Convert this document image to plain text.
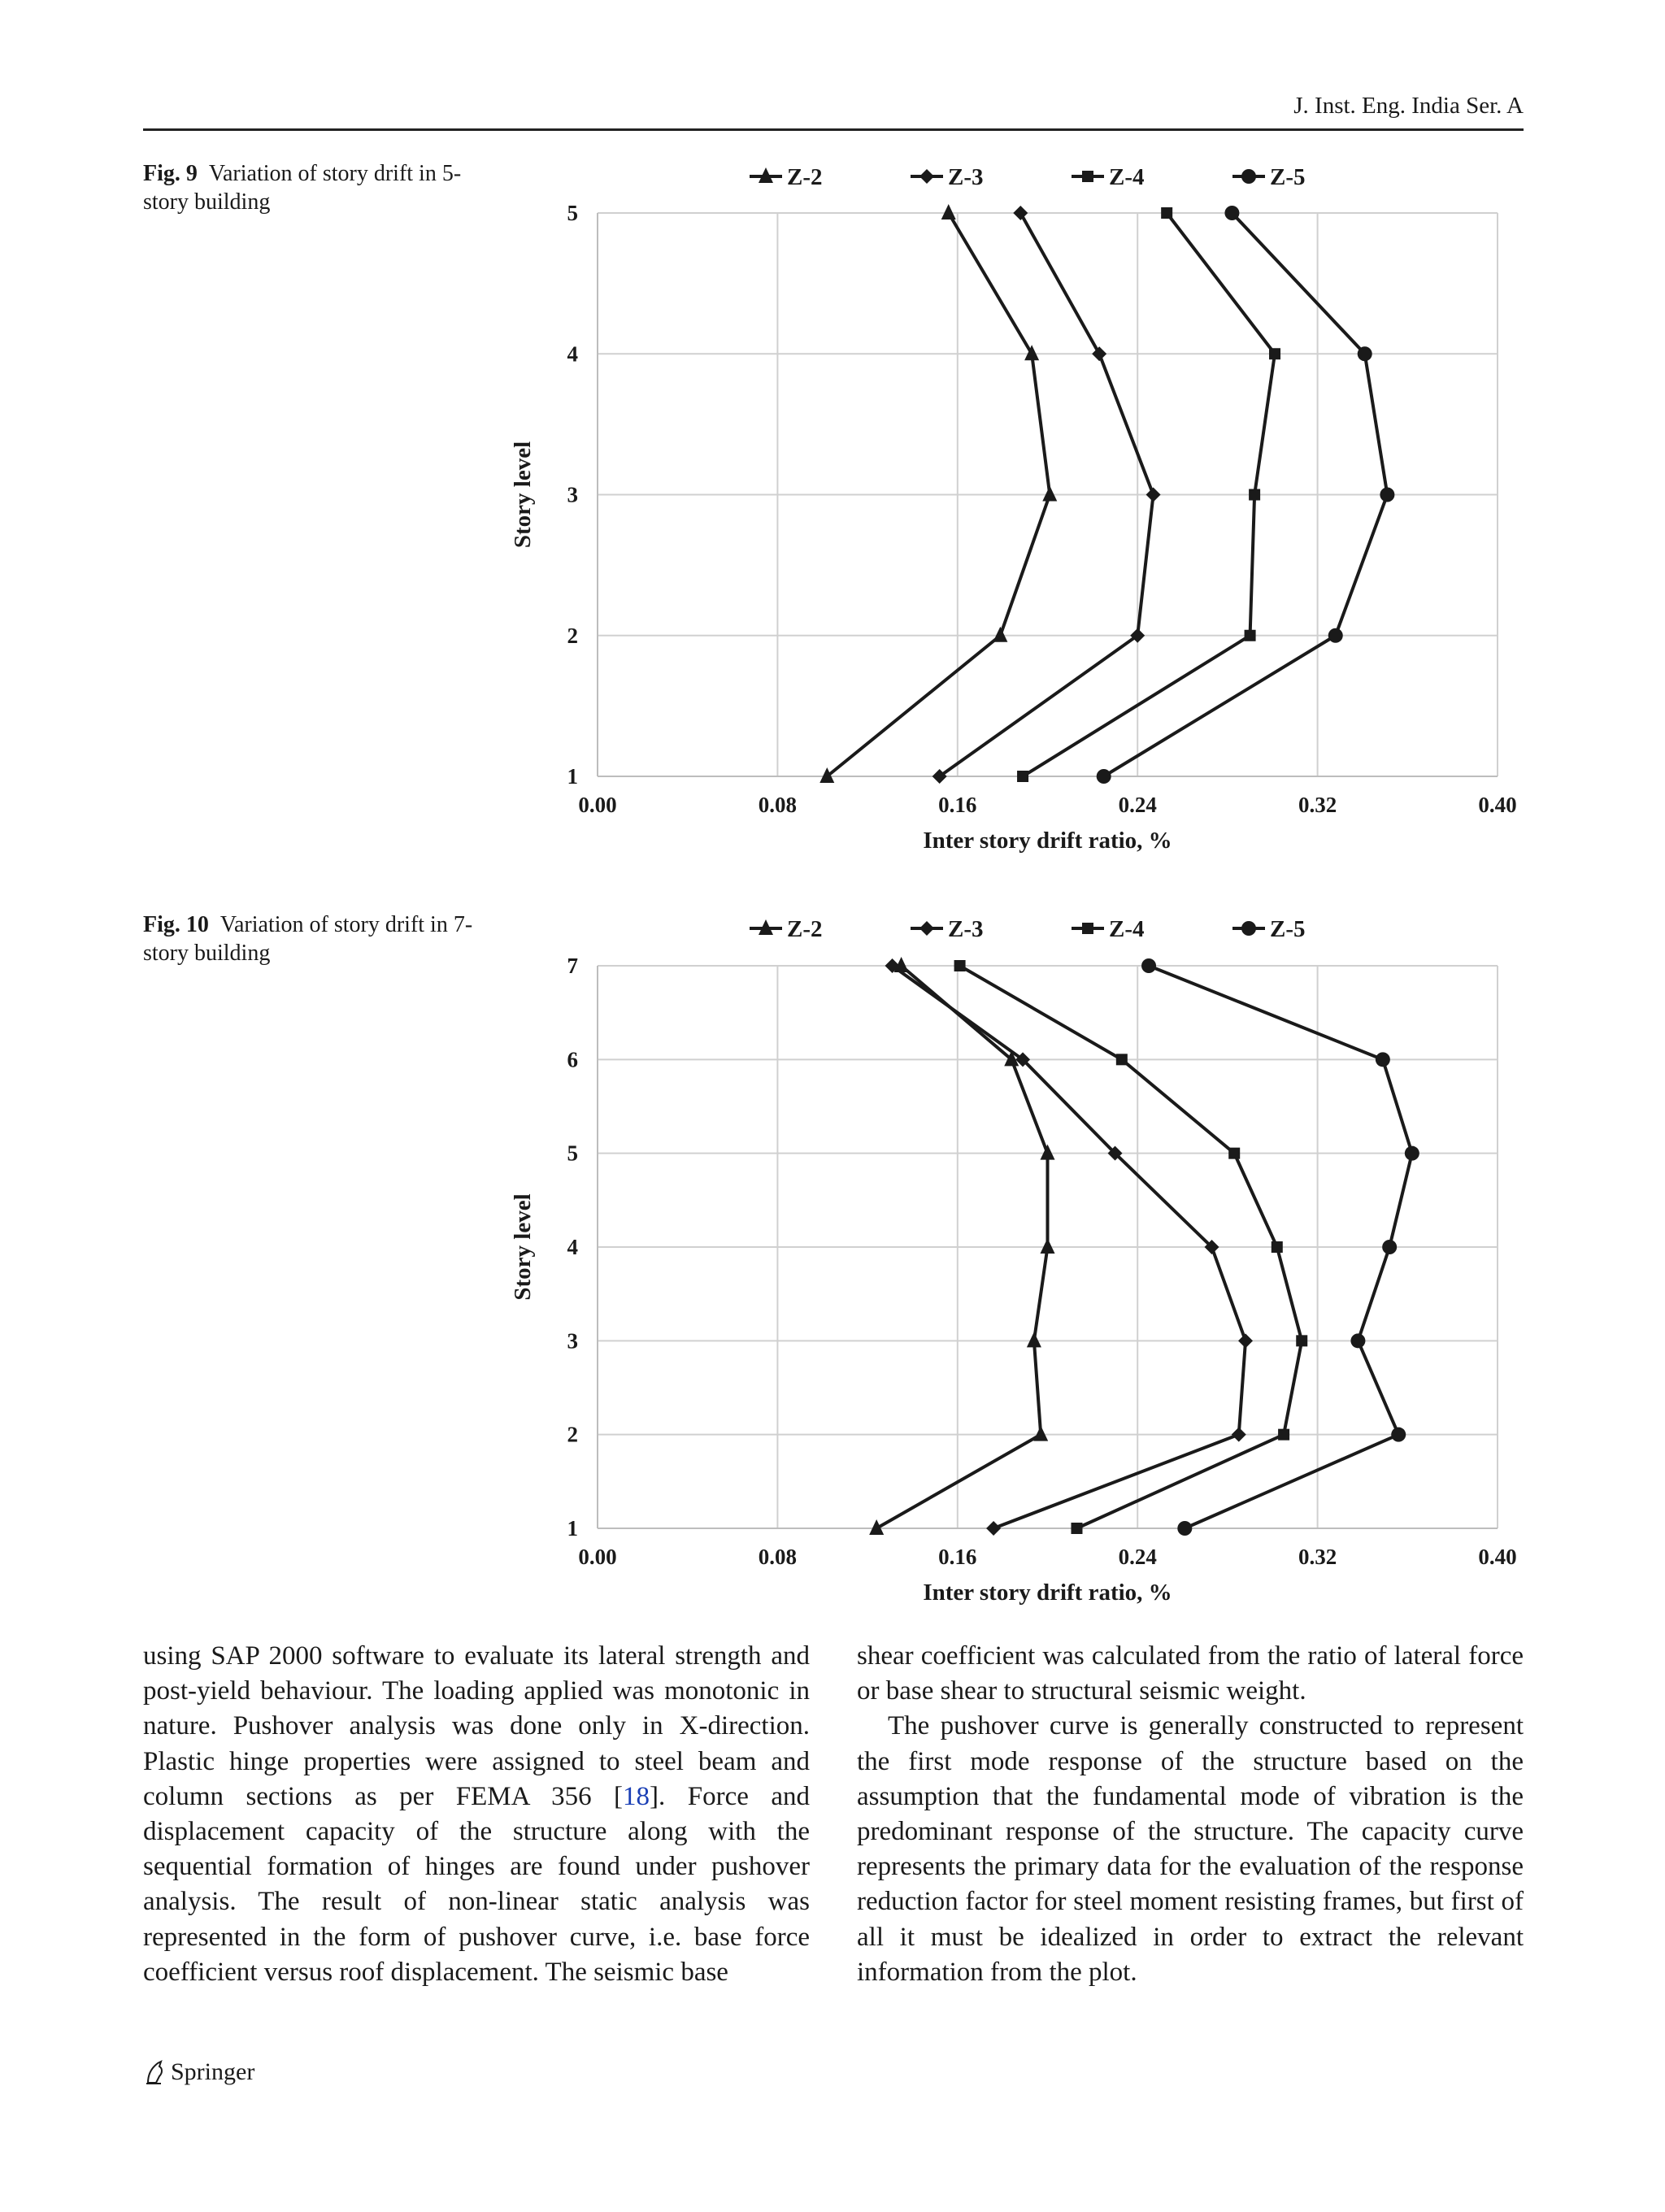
J. Inst. Eng. India Ser. A
Fig. 9 Variation of story drift in 5-story building
0.00	0.08	0.16	0.24	0.32	0.40
1
2
3
4
5
Inter story drift ratio, %
Story level
Z-2	Z-3	Z-4	Z-5
Fig. 10 Variation of story drift in 7-story building
0.00	0.08	0.16	0.24	0.32	0.40
1
2
3
4
5
6
7
Inter story drift ratio, %
Story level
Z-2	Z-3	Z-4	Z-5

using SAP 2000 software to evaluate its lateral strength and post-yield behaviour. The loading applied was monotonic in nature. Pushover analysis was done only in X-direction. Plastic hinge properties were assigned to steel beam and column sections as per FEMA 356 [18]. Force and displacement capacity of the structure along with the sequential formation of hinges are found under pushover analysis. The result of non-linear static analysis was represented in the form of pushover curve, i.e. base force coefficient versus roof displacement. The seismic base

shear coefficient was calculated from the ratio of lateral force or base shear to structural seismic weight.

The pushover curve is generally constructed to represent the first mode response of the structure based on the assumption that the fundamental mode of vibration is the predominant response of the structure. The capacity curve represents the primary data for the evaluation of the response reduction factor for steel moment resisting frames, but first of all it must be idealized in order to extract the relevant information from the plot.

Springer
